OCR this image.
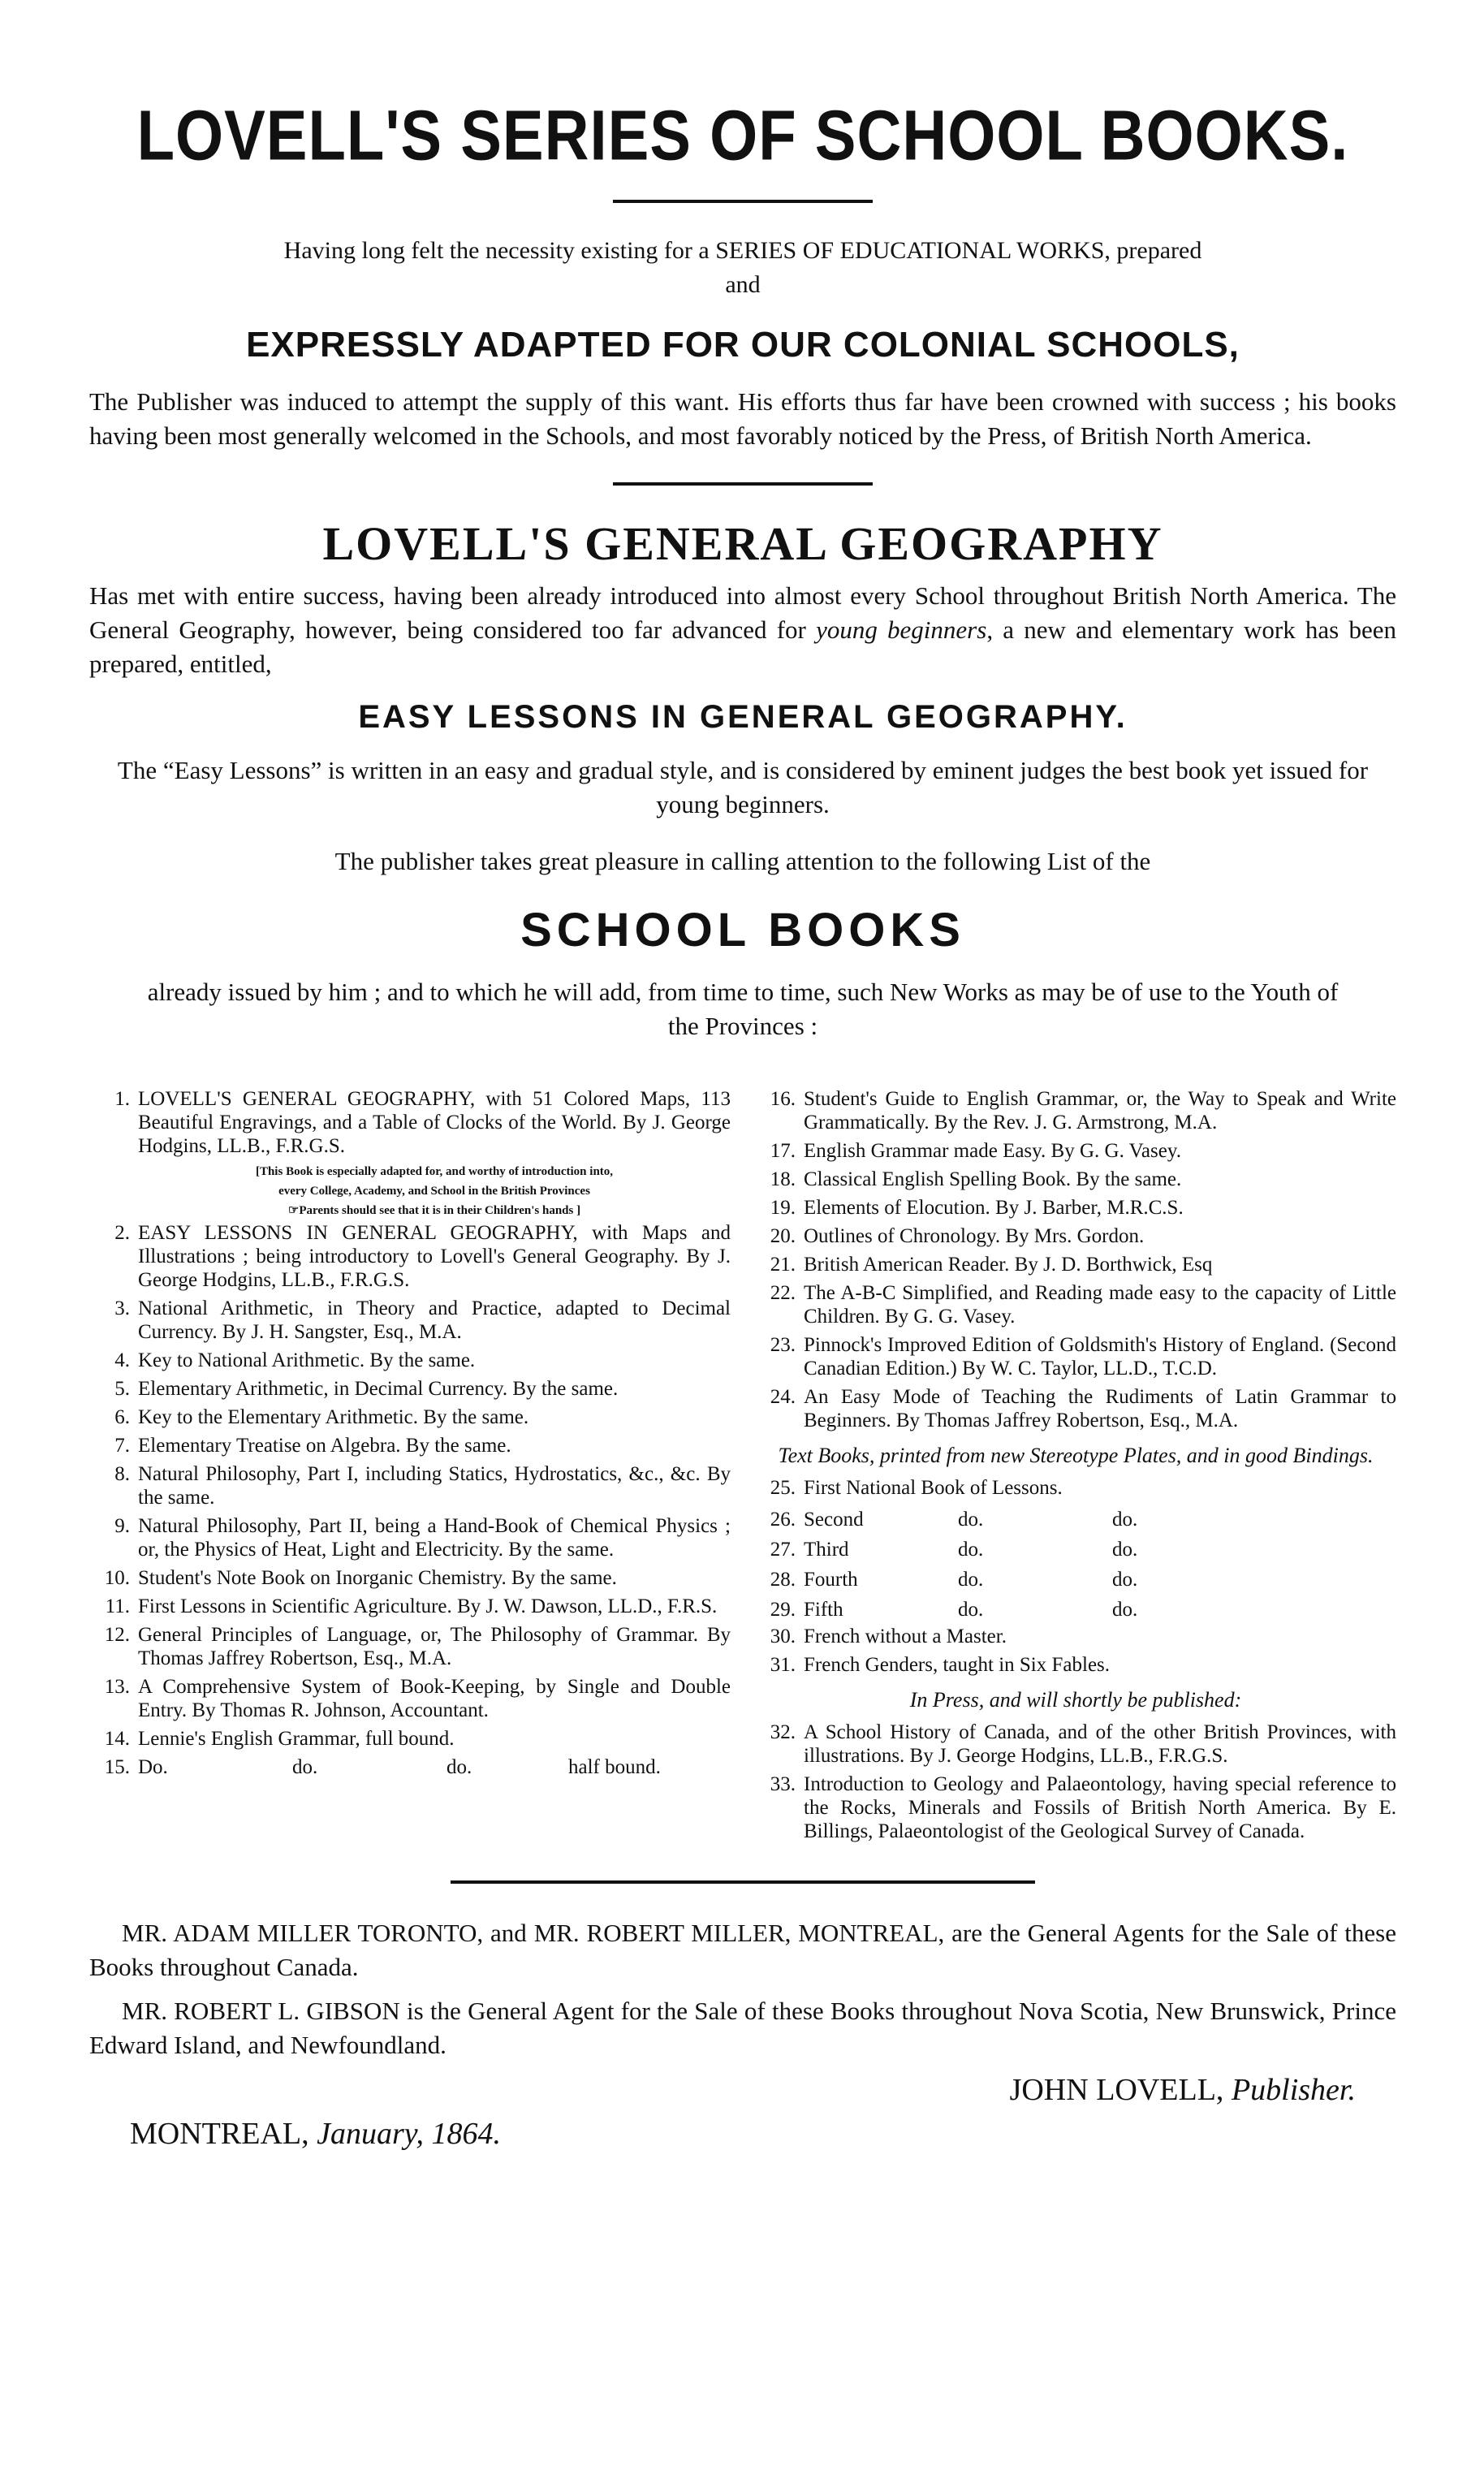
LOVELL'S SERIES OF SCHOOL BOOKS.

Having long felt the necessity existing for a SERIES OF EDUCATIONAL WORKS, prepared

and

EXPRESSLY ADAPTED FOR OUR COLONIAL SCHOOLS,

The Publisher was induced to attempt the supply of this want. His efforts thus far have been crowned with success ; his books having been most generally welcomed in the Schools, and most favorably noticed by the Press, of British North America.

LOVELL'S GENERAL GEOGRAPHY

Has met with entire success, having been already introduced into almost every School throughout British North America. The General Geography, however, being considered too far advanced for young beginners, a new and elementary work has been prepared, entitled,

EASY LESSONS IN GENERAL GEOGRAPHY.

The “Easy Lessons” is written in an easy and gradual style, and is considered by eminent judges the best book yet issued for young beginners.

The publisher takes great pleasure in calling attention to the following List of the

SCHOOL BOOKS

already issued by him ; and to which he will add, from time to time, such New Works as may be of use to the Youth of the Provinces :

1. LOVELL'S GENERAL GEOGRAPHY, with 51 Colored Maps, 113 Beautiful Engravings, and a Table of Clocks of the World. By J. George Hodgins, LL.B., F.R.G.S.
[This Book is especially adapted for, and worthy of introduction into,
every College, Academy, and School in the British Provinces
☞Parents should see that it is in their Children's hands ]
2. EASY LESSONS IN GENERAL GEOGRAPHY, with Maps and Illustrations ; being introductory to Lovell's General Geography. By J. George Hodgins, LL.B., F.R.G.S.
3. National Arithmetic, in Theory and Practice, adapted to Decimal Currency. By J. H. Sangster, Esq., M.A.
4. Key to National Arithmetic. By the same.
5. Elementary Arithmetic, in Decimal Currency. By the same.
6. Key to the Elementary Arithmetic. By the same.
7. Elementary Treatise on Algebra. By the same.
8. Natural Philosophy, Part I, including Statics, Hydrostatics, &c., &c. By the same.
9. Natural Philosophy, Part II, being a Hand-Book of Chemical Physics ; or, the Physics of Heat, Light and Electricity. By the same.
10. Student's Note Book on Inorganic Chemistry. By the same.
11. First Lessons in Scientific Agriculture. By J. W. Dawson, LL.D., F.R.S.
12. General Principles of Language, or, The Philosophy of Grammar. By Thomas Jaffrey Robertson, Esq., M.A.
13. A Comprehensive System of Book-Keeping, by Single and Double Entry. By Thomas R. Johnson, Accountant.
14. Lennie's English Grammar, full bound.
15. Do.	do.	do.	half bound.
16. Student's Guide to English Grammar, or, the Way to Speak and Write Grammatically. By the Rev. J. G. Armstrong, M.A.
17. English Grammar made Easy. By G. G. Vasey.
18. Classical English Spelling Book. By the same.
19. Elements of Elocution. By J. Barber, M.R.C.S.
20. Outlines of Chronology. By Mrs. Gordon.
21. British American Reader. By J. D. Borthwick, Esq
22. The A-B-C Simplified, and Reading made easy to the capacity of Little Children. By G. G. Vasey.
23. Pinnock's Improved Edition of Goldsmith's History of England. (Second Canadian Edition.) By W. C. Taylor, LL.D., T.C.D.
24. An Easy Mode of Teaching the Rudiments of Latin Grammar to Beginners. By Thomas Jaffrey Robertson, Esq., M.A.
Text Books, printed from new Stereotype Plates, and in good Bindings.
25. First National Book of Lessons.
26. Second	do.	do.
27. Third	do.	do.
28. Fourth	do.	do.
29. Fifth	do.	do.
30. French without a Master.
31. French Genders, taught in Six Fables.
In Press, and will shortly be published:
32. A School History of Canada, and of the other British Provinces, with illustrations. By J. George Hodgins, LL.B., F.R.G.S.
33. Introduction to Geology and Palaeontology, having special reference to the Rocks, Minerals and Fossils of British North America. By E. Billings, Palaeontologist of the Geological Survey of Canada.

MR. ADAM MILLER TORONTO, and MR. ROBERT MILLER, MONTREAL, are the General Agents for the Sale of these Books throughout Canada.

MR. ROBERT L. GIBSON is the General Agent for the Sale of these Books throughout Nova Scotia, New Brunswick, Prince Edward Island, and Newfoundland.

JOHN LOVELL, Publisher.
MONTREAL, January, 1864.
